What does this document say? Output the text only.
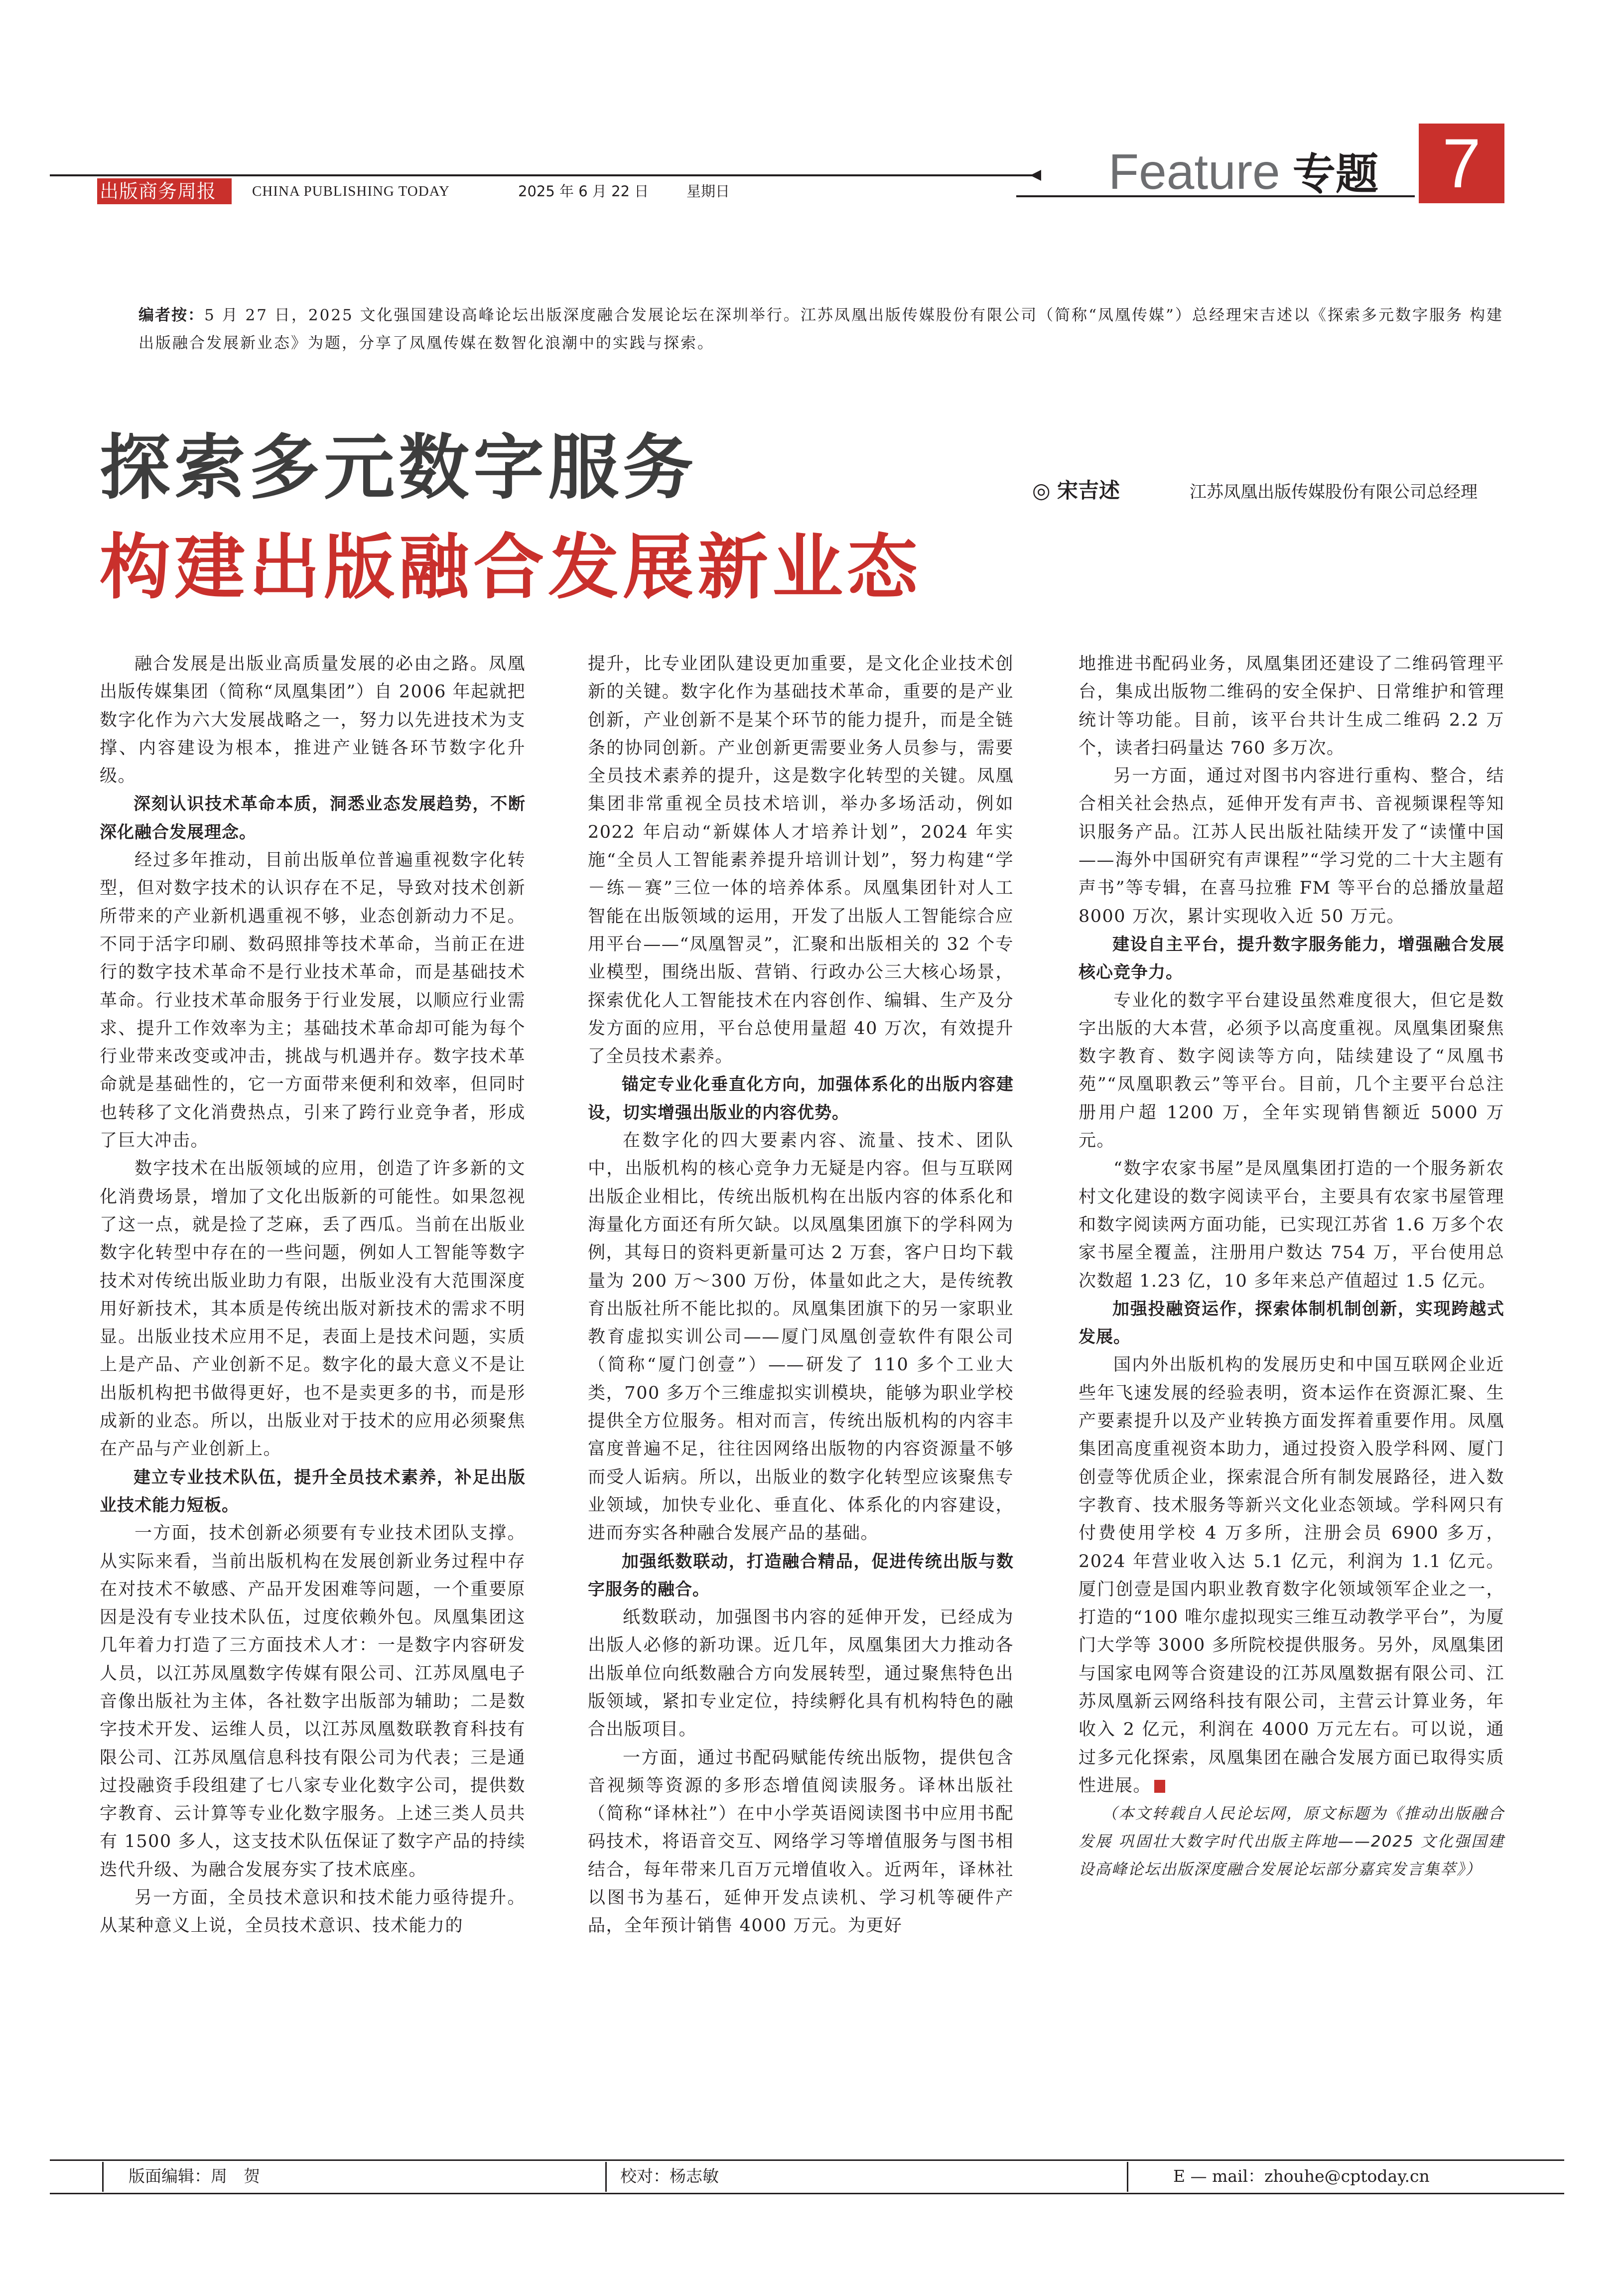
出版商务周报 CHINA PUBLISHING TODAY	2025 年 6 月 22 日	星期日	Feature 专题 7
编者按：5 月 27 日，2025 文化强国建设高峰论坛出版深度融合发展论坛在深圳举行。江苏凤凰出版传媒股份有限公司（简称“凤凰传媒”）总经理宋吉述以《探索多元数字服务 构建出版融合发展新业态》为题，分享了凤凰传媒在数智化浪潮中的实践与探索。
探索多元数字服务
构建出版融合发展新业态
◎ 宋吉述	江苏凤凰出版传媒股份有限公司总经理

融合发展是出版业高质量发展的必由之路。凤凰出版传媒集团（简称“凤凰集团”）自 2006 年起就把数字化作为六大发展战略之一，努力以先进技术为支撑、内容建设为根本，推进产业链各环节数字化升级。

深刻认识技术革命本质，洞悉业态发展趋势，不断深化融合发展理念。

经过多年推动，目前出版单位普遍重视数字化转型，但对数字技术的认识存在不足，导致对技术创新所带来的产业新机遇重视不够，业态创新动力不足。不同于活字印刷、数码照排等技术革命，当前正在进行的数字技术革命不是行业技术革命，而是基础技术革命。行业技术革命服务于行业发展，以顺应行业需求、提升工作效率为主；基础技术革命却可能为每个行业带来改变或冲击，挑战与机遇并存。数字技术革命就是基础性的，它一方面带来便利和效率，但同时也转移了文化消费热点，引来了跨行业竞争者，形成了巨大冲击。

数字技术在出版领域的应用，创造了许多新的文化消费场景，增加了文化出版新的可能性。如果忽视了这一点，就是捡了芝麻，丢了西瓜。当前在出版业数字化转型中存在的一些问题，例如人工智能等数字技术对传统出版业助力有限，出版业没有大范围深度用好新技术，其本质是传统出版对新技术的需求不明显。出版业技术应用不足，表面上是技术问题，实质上是产品、产业创新不足。数字化的最大意义不是让出版机构把书做得更好，也不是卖更多的书，而是形成新的业态。所以，出版业对于技术的应用必须聚焦在产品与产业创新上。

建立专业技术队伍，提升全员技术素养，补足出版业技术能力短板。

一方面，技术创新必须要有专业技术团队支撑。从实际来看，当前出版机构在发展创新业务过程中存在对技术不敏感、产品开发困难等问题，一个重要原因是没有专业技术队伍，过度依赖外包。凤凰集团这几年着力打造了三方面技术人才：一是数字内容研发人员，以江苏凤凰数字传媒有限公司、江苏凤凰电子音像出版社为主体，各社数字出版部为辅助；二是数字技术开发、运维人员，以江苏凤凰数联教育科技有限公司、江苏凤凰信息科技有限公司为代表；三是通过投融资手段组建了七八家专业化数字公司，提供数字教育、云计算等专业化数字服务。上述三类人员共有 1500 多人，这支技术队伍保证了数字产品的持续迭代升级、为融合发展夯实了技术底座。

另一方面，全员技术意识和技术能力亟待提升。从某种意义上说，全员技术意识、技术能力的

提升，比专业团队建设更加重要，是文化企业技术创新的关键。数字化作为基础技术革命，重要的是产业创新，产业创新不是某个环节的能力提升，而是全链条的协同创新。产业创新更需要业务人员参与，需要全员技术素养的提升，这是数字化转型的关键。凤凰集团非常重视全员技术培训，举办多场活动，例如 2022 年启动“新媒体人才培养计划”，2024 年实施“全员人工智能素养提升培训计划”，努力构建“学－练－赛”三位一体的培养体系。凤凰集团针对人工智能在出版领域的运用，开发了出版人工智能综合应用平台——“凤凰智灵”，汇聚和出版相关的 32 个专业模型，围绕出版、营销、行政办公三大核心场景，探索优化人工智能技术在内容创作、编辑、生产及分发方面的应用，平台总使用量超 40 万次，有效提升了全员技术素养。

锚定专业化垂直化方向，加强体系化的出版内容建设，切实增强出版业的内容优势。

在数字化的四大要素内容、流量、技术、团队中，出版机构的核心竞争力无疑是内容。但与互联网出版企业相比，传统出版机构在出版内容的体系化和海量化方面还有所欠缺。以凤凰集团旗下的学科网为例，其每日的资料更新量可达 2 万套，客户日均下载量为 200 万～300 万份，体量如此之大，是传统教育出版社所不能比拟的。凤凰集团旗下的另一家职业教育虚拟实训公司——厦门凤凰创壹软件有限公司（简称“厦门创壹”）——研发了 110 多个工业大类，700 多万个三维虚拟实训模块，能够为职业学校提供全方位服务。相对而言，传统出版机构的内容丰富度普遍不足，往往因网络出版物的内容资源量不够而受人诟病。所以，出版业的数字化转型应该聚焦专业领域，加快专业化、垂直化、体系化的内容建设，进而夯实各种融合发展产品的基础。

加强纸数联动，打造融合精品，促进传统出版与数字服务的融合。

纸数联动，加强图书内容的延伸开发，已经成为出版人必修的新功课。近几年，凤凰集团大力推动各出版单位向纸数融合方向发展转型，通过聚焦特色出版领域，紧扣专业定位，持续孵化具有机构特色的融合出版项目。

一方面，通过书配码赋能传统出版物，提供包含音视频等资源的多形态增值阅读服务。译林出版社（简称“译林社”）在中小学英语阅读图书中应用书配码技术，将语音交互、网络学习等增值服务与图书相结合，每年带来几百万元增值收入。近两年，译林社以图书为基石，延伸开发点读机、学习机等硬件产品，全年预计销售 4000 万元。为更好

地推进书配码业务，凤凰集团还建设了二维码管理平台，集成出版物二维码的安全保护、日常维护和管理统计等功能。目前，该平台共计生成二维码 2.2 万个，读者扫码量达 760 多万次。

另一方面，通过对图书内容进行重构、整合，结合相关社会热点，延伸开发有声书、音视频课程等知识服务产品。江苏人民出版社陆续开发了“读懂中国——海外中国研究有声课程”“学习党的二十大主题有声书”等专辑，在喜马拉雅 FM 等平台的总播放量超 8000 万次，累计实现收入近 50 万元。

建设自主平台，提升数字服务能力，增强融合发展核心竞争力。

专业化的数字平台建设虽然难度很大，但它是数字出版的大本营，必须予以高度重视。凤凰集团聚焦数字教育、数字阅读等方向，陆续建设了“凤凰书苑”“凤凰职教云”等平台。目前，几个主要平台总注册用户超 1200 万，全年实现销售额近 5000 万元。

“数字农家书屋”是凤凰集团打造的一个服务新农村文化建设的数字阅读平台，主要具有农家书屋管理和数字阅读两方面功能，已实现江苏省 1.6 万多个农家书屋全覆盖，注册用户数达 754 万，平台使用总次数超 1.23 亿，10 多年来总产值超过 1.5 亿元。

加强投融资运作，探索体制机制创新，实现跨越式发展。

国内外出版机构的发展历史和中国互联网企业近些年飞速发展的经验表明，资本运作在资源汇聚、生产要素提升以及产业转换方面发挥着重要作用。凤凰集团高度重视资本助力，通过投资入股学科网、厦门创壹等优质企业，探索混合所有制发展路径，进入数字教育、技术服务等新兴文化业态领域。学科网只有付费使用学校 4 万多所，注册会员 6900 多万，2024 年营业收入达 5.1 亿元，利润为 1.1 亿元。厦门创壹是国内职业教育数字化领域领军企业之一，打造的“100 唯尔虚拟现实三维互动教学平台”，为厦门大学等 3000 多所院校提供服务。另外，凤凰集团与国家电网等合资建设的江苏凤凰数据有限公司、江苏凤凰新云网络科技有限公司，主营云计算业务，年收入 2 亿元，利润在 4000 万元左右。可以说，通过多元化探索，凤凰集团在融合发展方面已取得实质性进展。

（本文转载自人民论坛网，原文标题为《推动出版融合发展 巩固壮大数字时代出版主阵地——2025 文化强国建设高峰论坛出版深度融合发展论坛部分嘉宾发言集萃》）

版面编辑：周　贺	校对：杨志敏	E — mail：zhouhe@cptoday.cn
